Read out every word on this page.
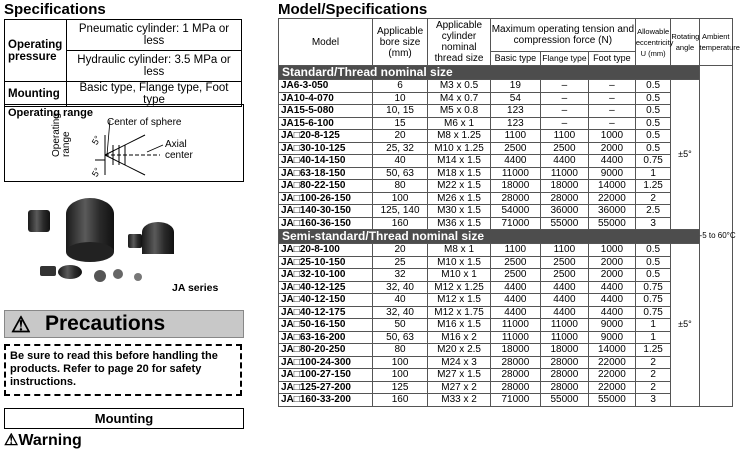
Specifications
Operating pressure	Pneumatic cylinder: 1 MPa or less
	Hydraulic cylinder: 3.5 MPa or less
Mounting	Basic type, Flange type, Foot type
Operating range
Center of sphere
Axial center
Operating range 5°
5°
JA series
⚠ Precautions
Be sure to read this before handling the products. Refer to page 20 for safety instructions.
Mounting
⚠Warning
Model/Specifications
Model	Applicable bore size (mm)	Applicable cylinder nominal thread size	Maximum operating tension and compression force (N)			Allowable eccentricity U (mm)	Rotating angle	Ambient temperature
			Basic type	Flange type	Foot type			
Standard/Thread nominal size								-5 to 60°C
JA6-3-050	6	M3 x 0.5	19	–	–	0.5	±5°	
JA10-4-070	10	M4 x 0.7	54	–	–	0.5		
JA15-5-080	10, 15	M5 x 0.8	123	–	–	0.5		
JA15-6-100	15	M6 x 1	123	–	–	0.5		
JA□20-8-125	20	M8 x 1.25	1100	1100	1000	0.5		
JA□30-10-125	25, 32	M10 x 1.25	2500	2500	2000	0.5		
JA□40-14-150	40	M14 x 1.5	4400	4400	4400	0.75		
JA□63-18-150	50, 63	M18 x 1.5	11000	11000	9000	1		
JA□80-22-150	80	M22 x 1.5	18000	18000	14000	1.25		
JA□100-26-150	100	M26 x 1.5	28000	28000	22000	2		
JA□140-30-150	125, 140	M30 x 1.5	54000	36000	36000	2.5		
JA□160-36-150	160	M36 x 1.5	71000	55000	55000	3		
Semi-standard/Thread nominal size								
JA□20-8-100	20	M8 x 1	1100	1100	1000	0.5	±5°	
JA□25-10-150	25	M10 x 1.5	2500	2500	2000	0.5		
JA□32-10-100	32	M10 x 1	2500	2500	2000	0.5		
JA□40-12-125	32, 40	M12 x 1.25	4400	4400	4400	0.75		
JA□40-12-150	40	M12 x 1.5	4400	4400	4400	0.75		
JA□40-12-175	32, 40	M12 x 1.75	4400	4400	4400	0.75		
JA□50-16-150	50	M16 x 1.5	11000	11000	9000	1		
JA□63-16-200	50, 63	M16 x 2	11000	11000	9000	1		
JA□80-20-250	80	M20 x 2.5	18000	18000	14000	1.25		
JA□100-24-300	100	M24 x 3	28000	28000	22000	2		
JA□100-27-150	100	M27 x 1.5	28000	28000	22000	2		
JA□125-27-200	125	M27 x 2	28000	28000	22000	2		
JA□160-33-200	160	M33 x 2	71000	55000	55000	3		
